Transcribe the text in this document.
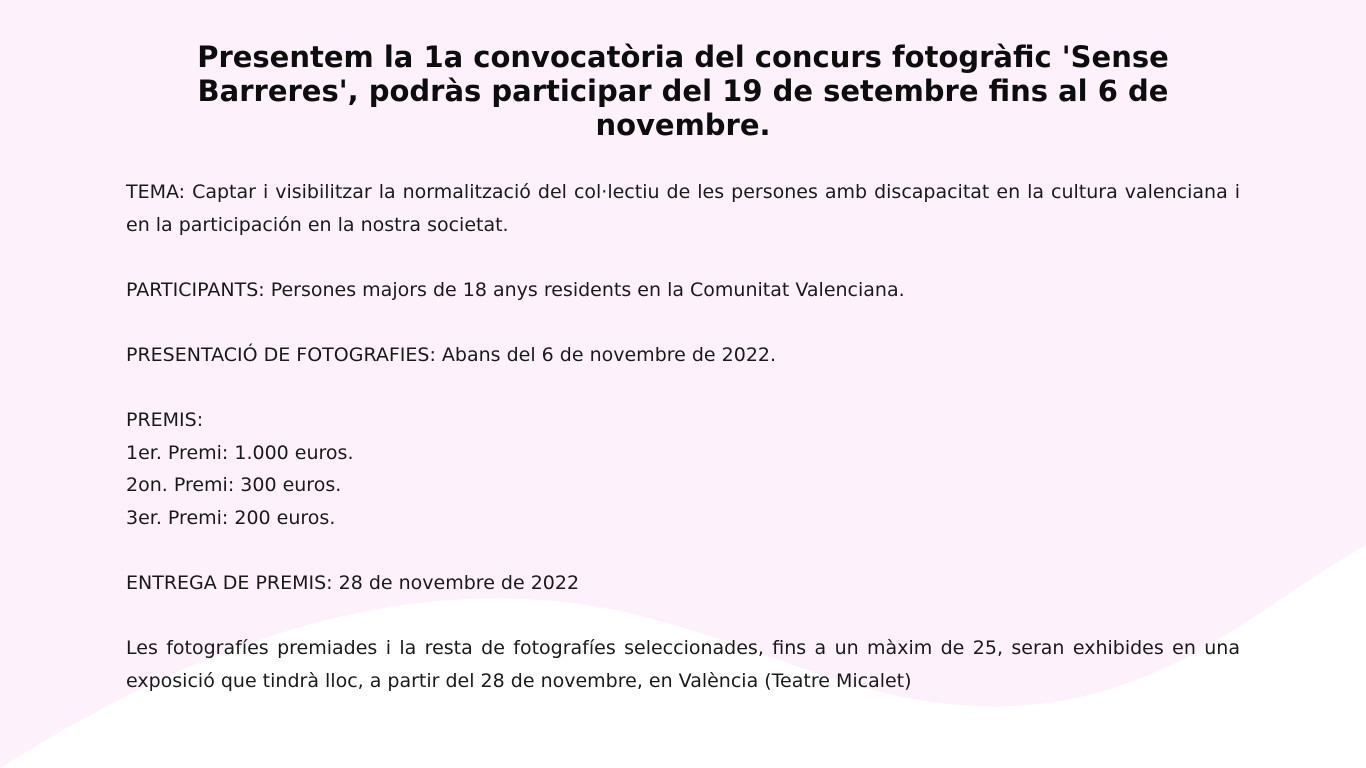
Presentem la 1a convocatòria del concurs fotogràfic 'Sense Barreres', podràs participar del 19 de setembre fins al 6 de novembre.

TEMA: Captar i visibilitzar la normalització del col·lectiu de les persones amb discapacitat en la cultura valenciana i en la participación en la nostra societat.

PARTICIPANTS: Persones majors de 18 anys residents en la Comunitat Valenciana.

PRESENTACIÓ DE FOTOGRAFIES: Abans del 6 de novembre de 2022.

PREMIS:
1er. Premi: 1.000 euros.
2on. Premi: 300 euros.
3er. Premi: 200 euros.

ENTREGA DE PREMIS: 28 de novembre de 2022

Les fotografíes premiades i la resta de fotografíes seleccionades, fins a un màxim de 25, seran exhibides en una exposició que tindrà lloc, a partir del 28 de novembre, en València (Teatre Micalet)
